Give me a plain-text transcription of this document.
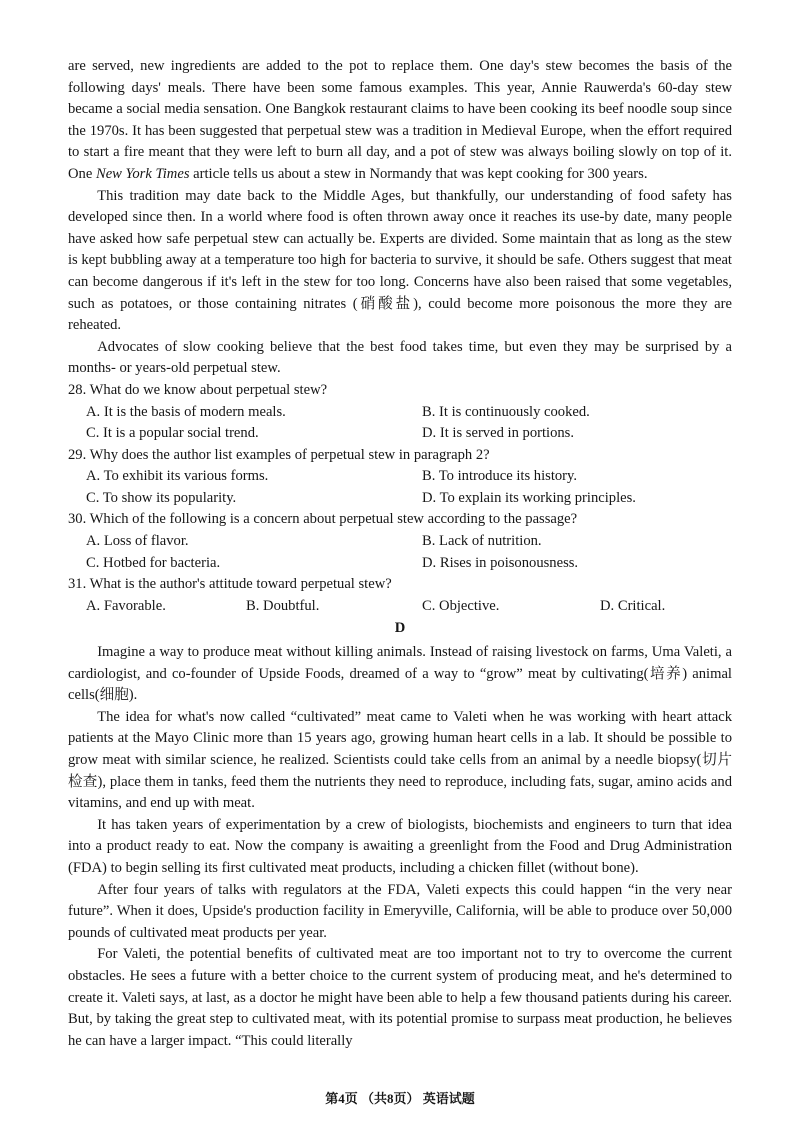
are served, new ingredients are added to the pot to replace them. One day's stew becomes the basis of the following days' meals. There have been some famous examples. This year, Annie Rauwerda's 60-day stew became a social media sensation. One Bangkok restaurant claims to have been cooking its beef noodle soup since the 1970s. It has been suggested that perpetual stew was a tradition in Medieval Europe, when the effort required to start a fire meant that they were left to burn all day, and a pot of stew was always boiling slowly on top of it. One New York Times article tells us about a stew in Normandy that was kept cooking for 300 years.

This tradition may date back to the Middle Ages, but thankfully, our understanding of food safety has developed since then. In a world where food is often thrown away once it reaches its use-by date, many people have asked how safe perpetual stew can actually be. Experts are divided. Some maintain that as long as the stew is kept bubbling away at a temperature too high for bacteria to survive, it should be safe. Others suggest that meat can become dangerous if it's left in the stew for too long. Concerns have also been raised that some vegetables, such as potatoes, or those containing nitrates (硝酸盐), could become more poisonous the more they are reheated.

Advocates of slow cooking believe that the best food takes time, but even they may be surprised by a months- or years-old perpetual stew.

28. What do we know about perpetual stew?

A. It is the basis of modern meals.	B. It is continuously cooked.
C. It is a popular social trend.	D. It is served in portions.

29. Why does the author list examples of perpetual stew in paragraph 2?

A. To exhibit its various forms.	B. To introduce its history.
C. To show its popularity.	D. To explain its working principles.

30. Which of the following is a concern about perpetual stew according to the passage?

A. Loss of flavor.	B. Lack of nutrition.
C. Hotbed for bacteria.	D. Rises in poisonousness.

31. What is the author's attitude toward perpetual stew?

A. Favorable.	B. Doubtful.	C. Objective.	D. Critical.

D

Imagine a way to produce meat without killing animals. Instead of raising livestock on farms, Uma Valeti, a cardiologist, and co-founder of Upside Foods, dreamed of a way to “grow” meat by cultivating(培养) animal cells(细胞).

The idea for what's now called “cultivated” meat came to Valeti when he was working with heart attack patients at the Mayo Clinic more than 15 years ago, growing human heart cells in a lab. It should be possible to grow meat with similar science, he realized. Scientists could take cells from an animal by a needle biopsy(切片检查), place them in tanks, feed them the nutrients they need to reproduce, including fats, sugar, amino acids and vitamins, and end up with meat.

It has taken years of experimentation by a crew of biologists, biochemists and engineers to turn that idea into a product ready to eat. Now the company is awaiting a greenlight from the Food and Drug Administration (FDA) to begin selling its first cultivated meat products, including a chicken fillet (without bone).

After four years of talks with regulators at the FDA, Valeti expects this could happen “in the very near future”. When it does, Upside's production facility in Emeryville, California, will be able to produce over 50,000 pounds of cultivated meat products per year.

For Valeti, the potential benefits of cultivated meat are too important not to try to overcome the current obstacles. He sees a future with a better choice to the current system of producing meat, and he's determined to create it. Valeti says, at last, as a doctor he might have been able to help a few thousand patients during his career. But, by taking the great step to cultivated meat, with its potential promise to surpass meat production, he believes he can have a larger impact. “This could literally

第4页 （共8页） 英语试题
